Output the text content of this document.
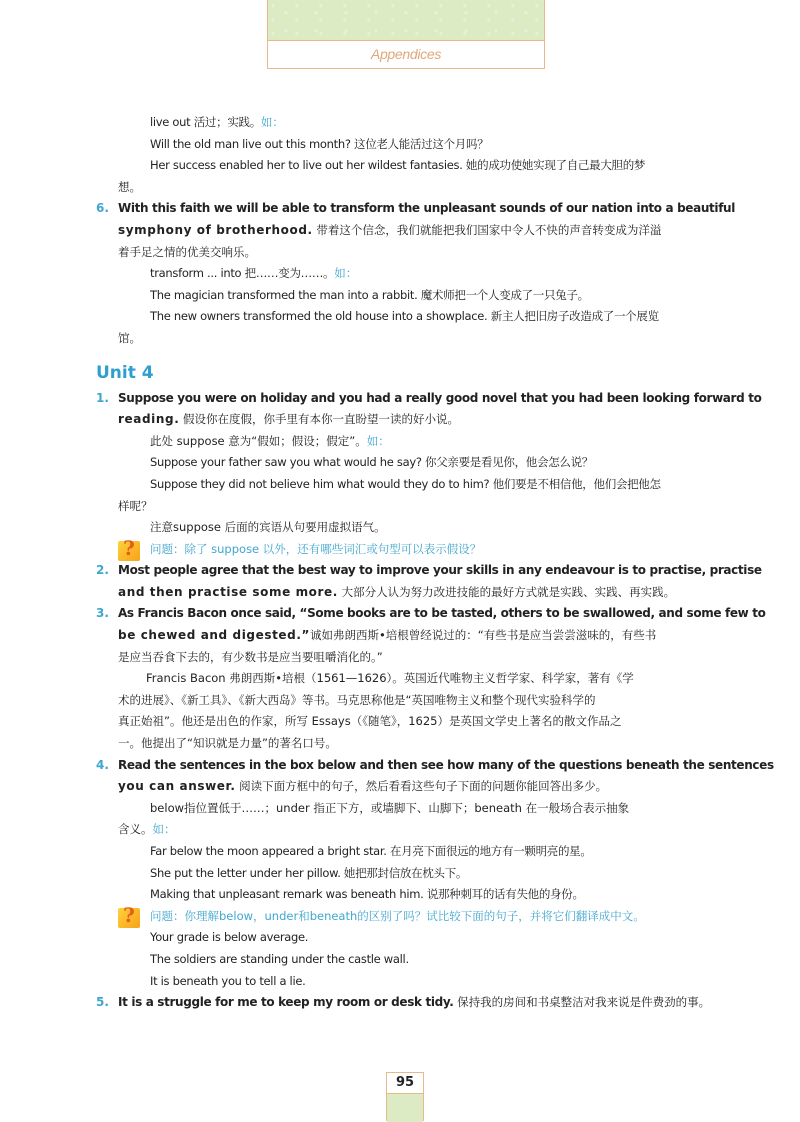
Appendices
live out 活过；实践。如：
Will the old man live out this month? 这位老人能活过这个月吗？
Her success enabled her to live out her wildest fantasies. 她的成功使她实现了自己最大胆的梦
想。
6. With this faith we will be able to transform the unpleasant sounds of our nation into a beautiful
symphony of brotherhood. 带着这个信念，我们就能把我们国家中令人不快的声音转变成为洋溢
着手足之情的优美交响乐。
transform ... into 把……变为……。如：
The magician transformed the man into a rabbit. 魔术师把一个人变成了一只兔子。
The new owners transformed the old house into a showplace. 新主人把旧房子改造成了一个展览
馆。
Unit 4
1. Suppose you were on holiday and you had a really good novel that you had been looking forward to
reading. 假设你在度假，你手里有本你一直盼望一读的好小说。
此处 suppose 意为“假如；假设；假定”。如：
Suppose your father saw you what would he say? 你父亲要是看见你，他会怎么说？
Suppose they did not believe him what would they do to him? 他们要是不相信他，他们会把他怎
样呢？
注意suppose 后面的宾语从句要用虚拟语气。
?	问题：除了 suppose 以外，还有哪些词汇或句型可以表示假设？
2. Most people agree that the best way to improve your skills in any endeavour is to practise, practise
and then practise some more. 大部分人认为努力改进技能的最好方式就是实践、实践、再实践。
3. As Francis Bacon once said, “Some books are to be tasted, others to be swallowed, and some few to
be chewed and digested.”诚如弗朗西斯•培根曾经说过的：“有些书是应当尝尝滋味的，有些书
是应当吞食下去的，有少数书是应当要咀嚼消化的。”
Francis Bacon 弗朗西斯•培根（1561—1626）。英国近代唯物主义哲学家、科学家，著有《学
术的进展》、《新工具》、《新大西岛》等书。马克思称他是“英国唯物主义和整个现代实验科学的
真正始祖”。他还是出色的作家，所写 Essays（《随笔》，1625）是英国文学史上著名的散文作品之
一。他提出了“知识就是力量”的著名口号。
4. Read the sentences in the box below and then see how many of the questions beneath the sentences
you can answer. 阅读下面方框中的句子，然后看看这些句子下面的问题你能回答出多少。
below指位置低于……；under 指正下方，或墙脚下、山脚下；beneath 在一般场合表示抽象
含义。如：
Far below the moon appeared a bright star. 在月亮下面很远的地方有一颗明亮的星。
She put the letter under her pillow. 她把那封信放在枕头下。
Making that unpleasant remark was beneath him. 说那种刺耳的话有失他的身份。
?	问题：你理解below，under和beneath的区别了吗？试比较下面的句子，并将它们翻译成中文。
Your grade is below average.
The soldiers are standing under the castle wall.
It is beneath you to tell a lie.
5. It is a struggle for me to keep my room or desk tidy. 保持我的房间和书桌整洁对我来说是件费劲的事。
95
